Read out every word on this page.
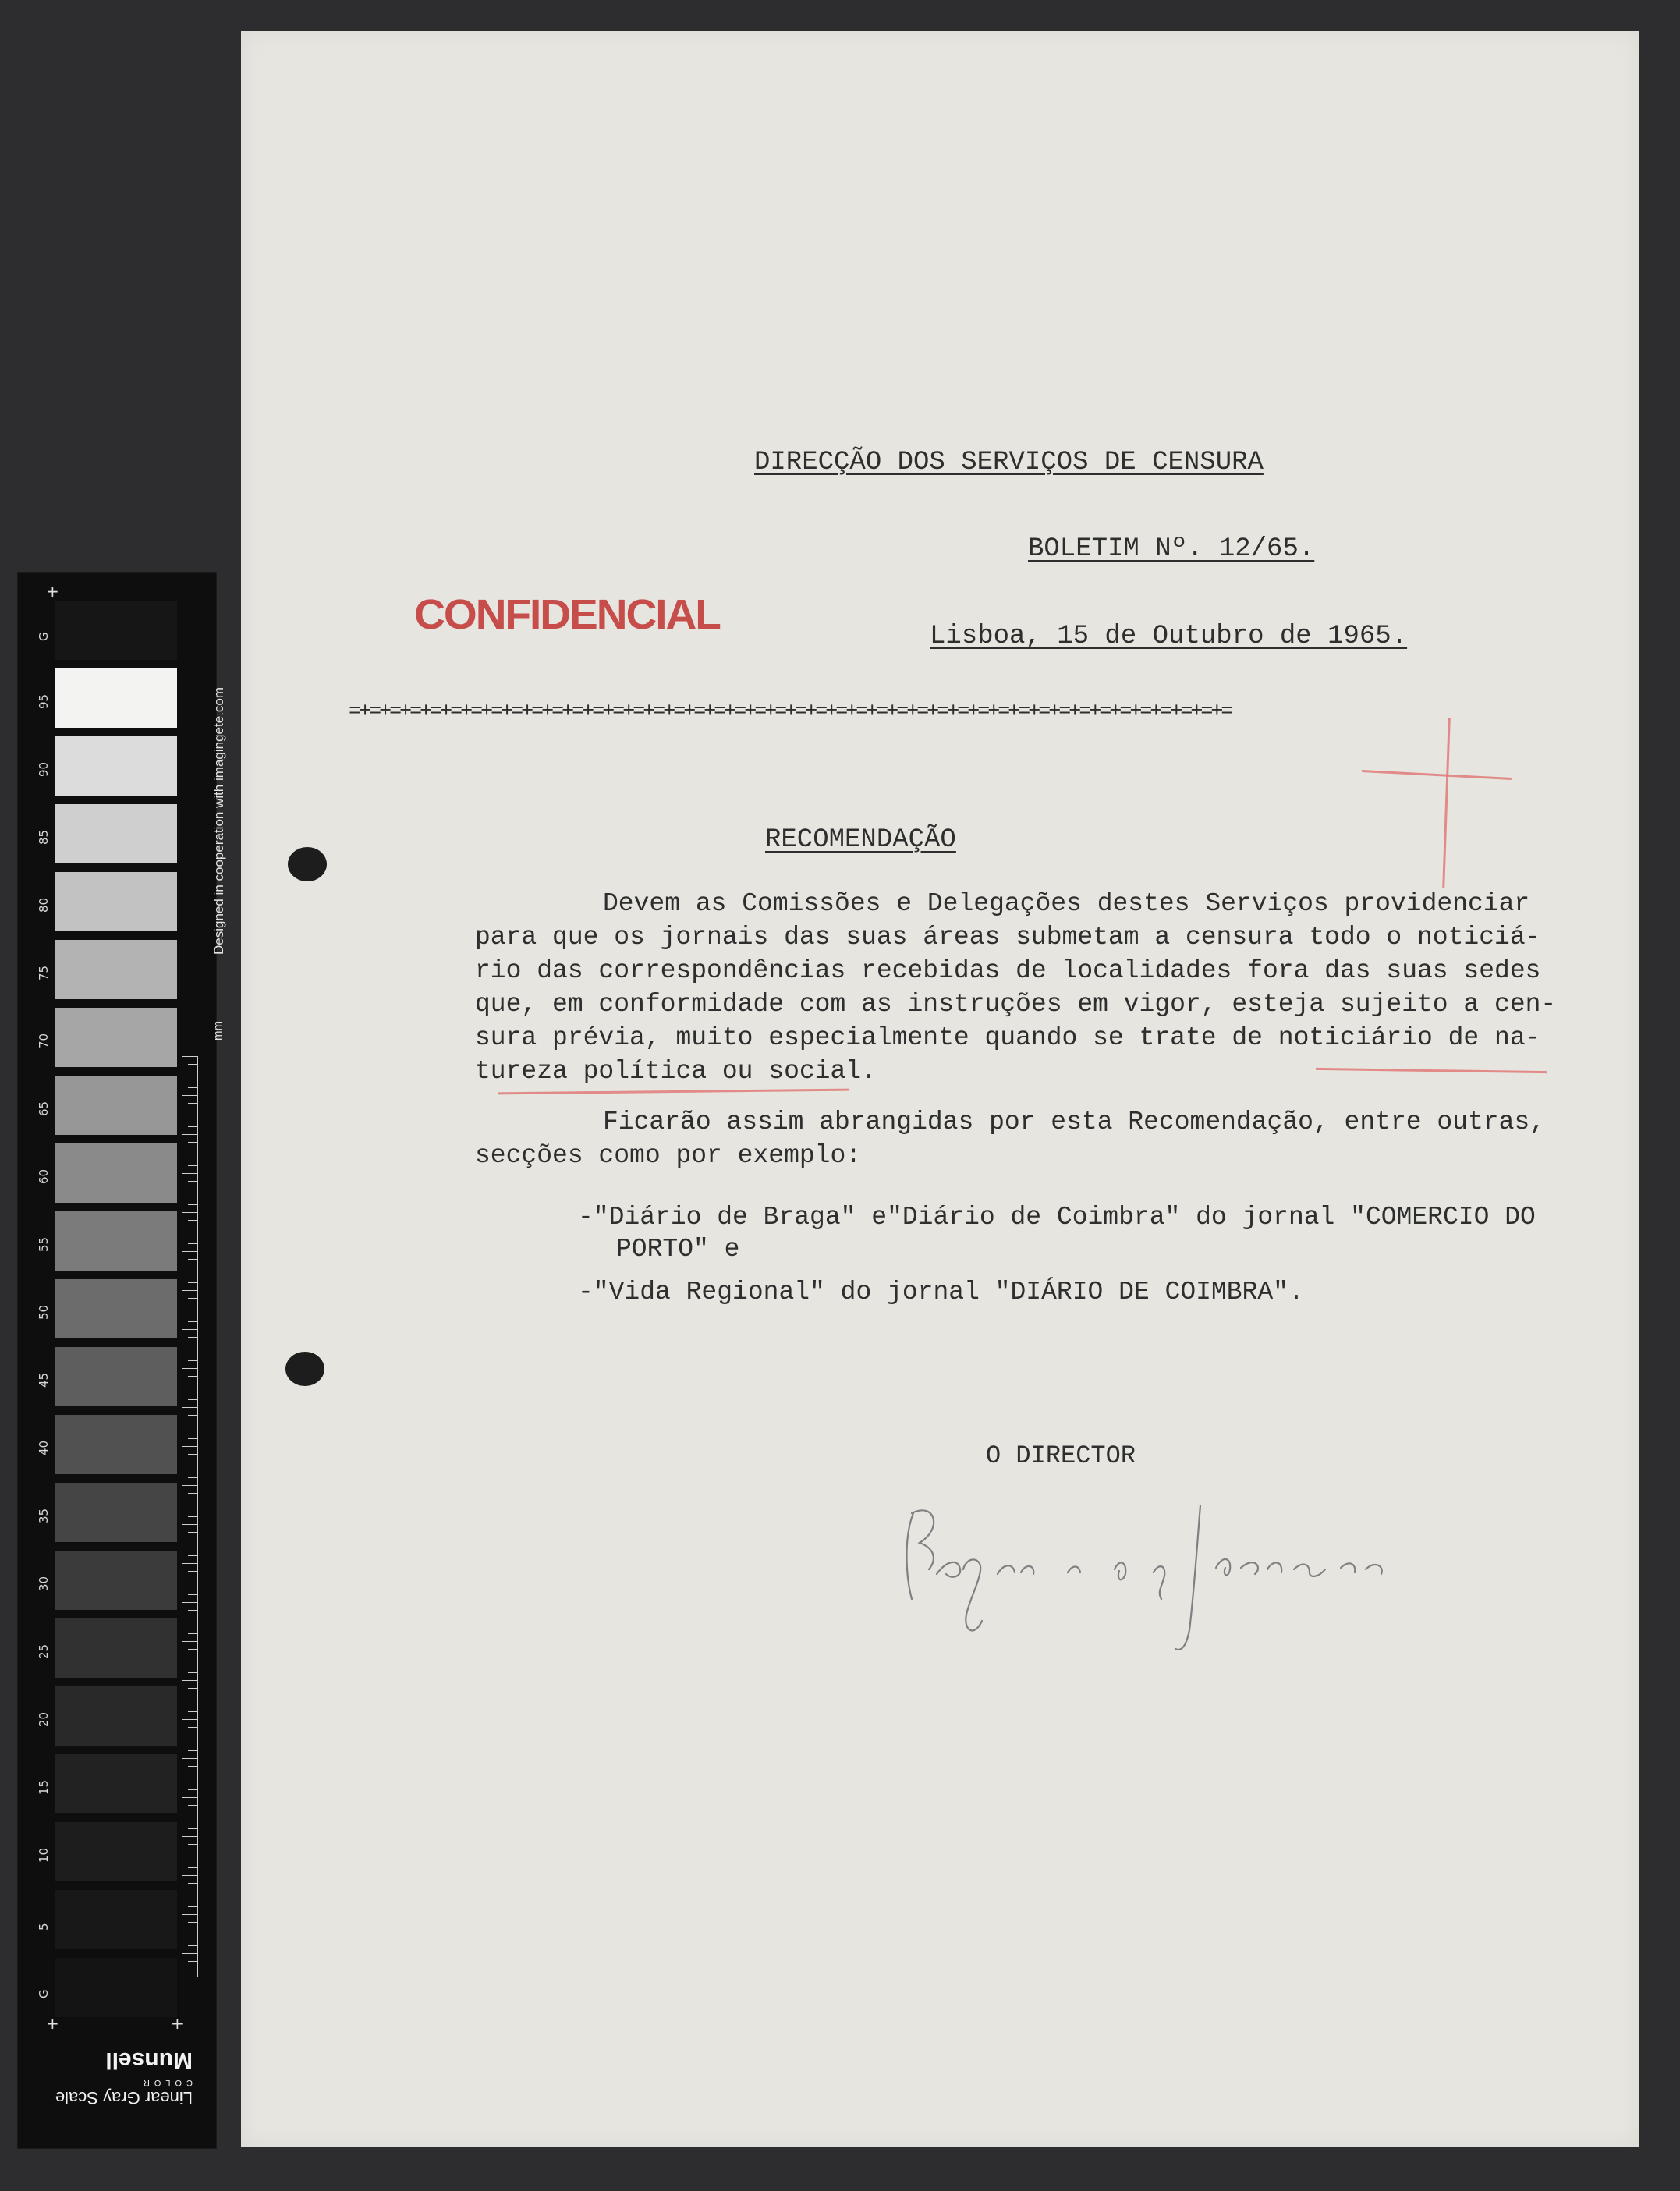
G
95
90
85
80
75
70
65
60
55
50
45
40
35
30
25
20
15
10
5
G
+
+	+
Designed in cooperation with imagingete.com
mm
Linear Gray Scale
COLOR
Munsell
DIRECÇÃO DOS SERVIÇOS DE CENSURA
BOLETIM Nº. 12/65.
CONFIDENCIAL	Lisboa, 15 de Outubro de 1965.
=+=+=+=+=+=+=+=+=+=+=+=+=+=+=+=+=+=+=+=+=+=+=+=+=+=+=+=+=+=+=+=+=+=+=+=+=+=+=+=+=+=+=+=
RECOMENDAÇÃO
Devem as Comissões e Delegações destes Serviços providenciar
para que os jornais das suas áreas submetam a censura todo o noticiá-
rio das correspondências recebidas de localidades fora das suas sedes
que, em conformidade com as instruções em vigor, esteja sujeito a cen-
sura prévia, muito especialmente quando se trate de noticiário de na-
tureza política ou social.
Ficarão assim abrangidas por esta Recomendação, entre outras,
secções como por exemplo:
-"Diário de Braga" e"Diário de Coimbra" do jornal "COMERCIO DO
PORTO" e
-"Vida Regional" do jornal "DIÁRIO DE COIMBRA".
O DIRECTOR
